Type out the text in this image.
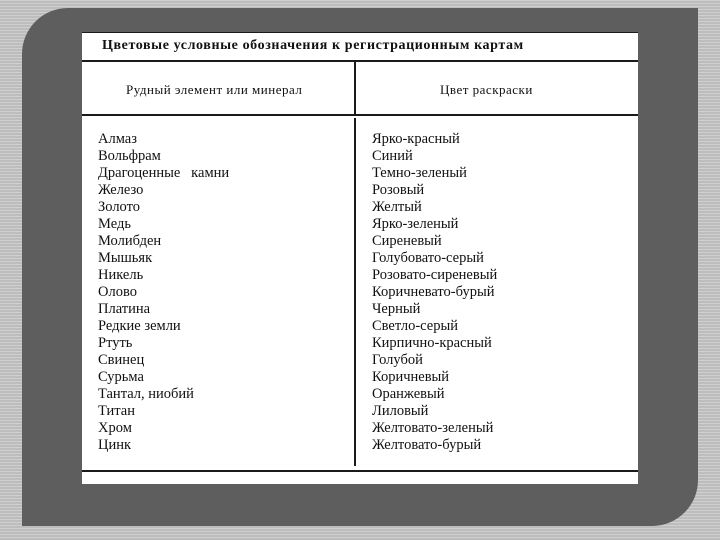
Цветовые условные обозначения к регистрационным картам
Рудный элемент или минерал	Цвет раскраски
Алмаз
Вольфрам
Драгоценные   камни
Железо
Золото
Медь
Молибден
Мышьяк
Никель
Олово
Платина
Редкие земли
Ртуть
Свинец
Сурьма
Тантал, ниобий
Титан
Хром
Цинк
Ярко-красный
Синий
Темно-зеленый
Розовый
Желтый
Ярко-зеленый
Сиреневый
Голубовато-серый
Розовато-сиреневый
Коричневато-бурый
Черный
Светло-серый
Кирпично-красный
Голубой
Коричневый
Оранжевый
Лиловый
Желтовато-зеленый
Желтовато-бурый
